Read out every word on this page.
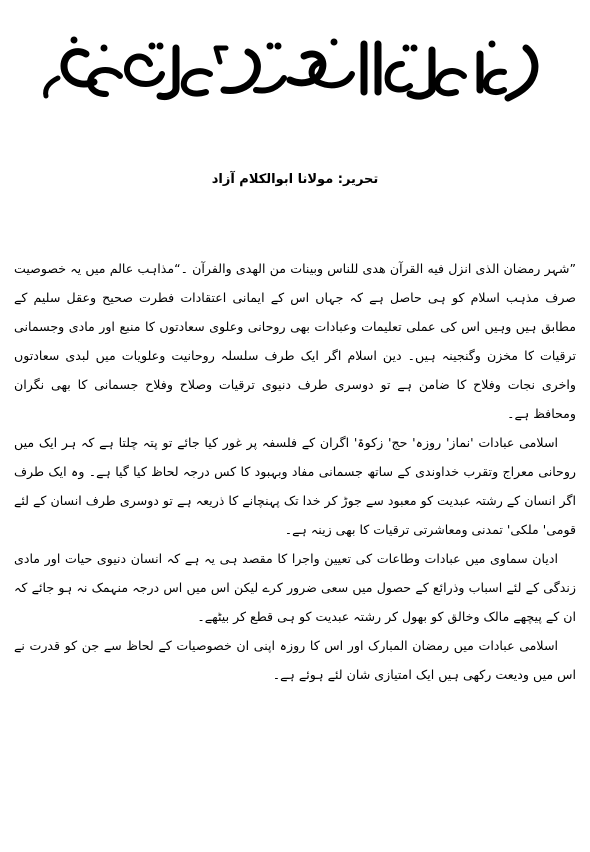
تحریر: مولانا ابوالکلام آزاد

”شہر رمضان الذی انزل فیه القرآن هدی للناس وبینات من الهدی والفرآن ۔“مذاہب عالم میں یہ خصوصیت صرف مذہب اسلام کو ہی حاصل ہے کہ جہاں اس کے ایمانی اعتقادات فطرت صحیح وعقل سلیم کے مطابق ہیں وہیں اس کی عملی تعلیمات وعبادات بھی روحانی وعلوی سعادتوں کا منبع اور مادی وجسمانی ترقیات کا مخزن وگنجینہ ہیں۔ دین اسلام اگر ایک طرف سلسلہ روحانیت وعلویات میں لبدی سعادتوں واخری نجات وفلاح کا ضامن ہے تو دوسری طرف دنیوی ترقیات وصلاح وفلاح جسمانی کا بھی نگران ومحافظ ہے۔

اسلامی عبادات 'نماز' روزہ' حج' زکوۃ' اگران کے فلسفہ پر غور کیا جائے تو پتہ چلتا ہے کہ ہر ایک میں روحانی معراج وتقرب خداوندی کے ساتھ جسمانی مفاد وبہبود کا کس درجہ لحاظ کیا گیا ہے۔ وہ ایک طرف اگر انسان کے رشتہ عبدیت کو معبود سے جوڑ کر خدا تک پہنچانے کا ذریعہ ہے تو دوسری طرف انسان کے لئے قومی' ملکی' تمدنی ومعاشرتی ترقیات کا بھی زینہ ہے۔

ادیان سماوی میں عبادات وطاعات کی تعیین واجرا کا مقصد ہی یہ ہے کہ انسان دنیوی حیات اور مادی زندگی کے لئے اسباب وذرائع کے حصول میں سعی ضرور کرے لیکن اس میں اس درجہ منہمک نہ ہو جائے کہ ان کے پیچھے مالک وخالق کو بھول کر رشتہ عبدیت کو ہی قطع کر بیٹھے۔

اسلامی عبادات میں رمضان المبارک اور اس کا روزہ اپنی ان خصوصیات کے لحاظ سے جن کو قدرت نے اس میں ودیعت رکھی ہیں ایک امتیازی شان لئے ہوئے ہے۔
